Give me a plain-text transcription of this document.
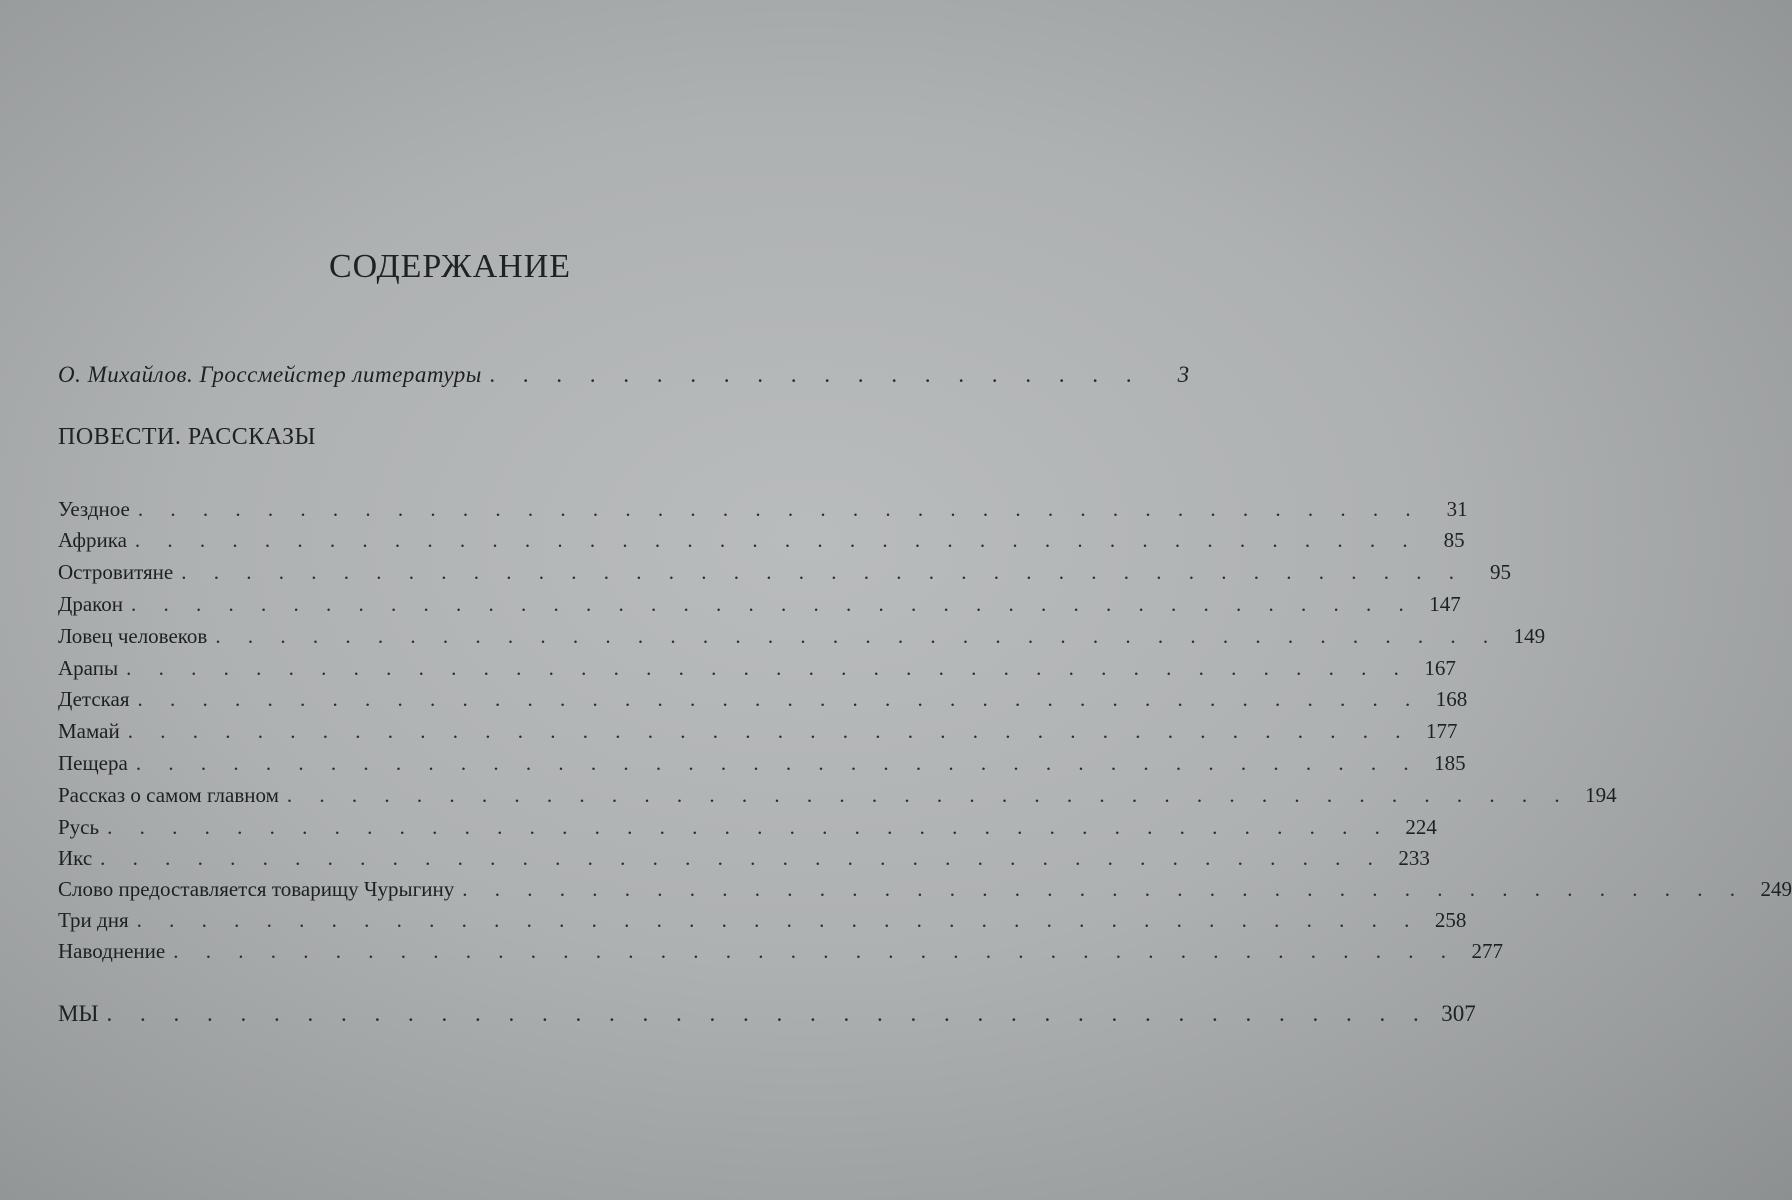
СОДЕРЖАНИЕ
О. Михайлов. Гроссмейстер литературы . . . . . . . . . . . . . . . . . . . .	3
ПОВЕСТИ. РАССКАЗЫ
Уездное . . . . . . . . . . . . . . . . . . . . . . . . . . . . . . . . . . . . . . . .	31
Африка . . . . . . . . . . . . . . . . . . . . . . . . . . . . . . . . . . . . . . . .	85
Островитяне . . . . . . . . . . . . . . . . . . . . . . . . . . . . . . . . . . . . . . . .	95
Дракон . . . . . . . . . . . . . . . . . . . . . . . . . . . . . . . . . . . . . . . . 147
Ловец человеков . . . . . . . . . . . . . . . . . . . . . . . . . . . . . . . . . . . . . . . . 149
Арапы . . . . . . . . . . . . . . . . . . . . . . . . . . . . . . . . . . . . . . . . 167
Детская . . . . . . . . . . . . . . . . . . . . . . . . . . . . . . . . . . . . . . . . 168
Мамай . . . . . . . . . . . . . . . . . . . . . . . . . . . . . . . . . . . . . . . . 177
Пещера . . . . . . . . . . . . . . . . . . . . . . . . . . . . . . . . . . . . . . . . 185
Рассказ о самом главном . . . . . . . . . . . . . . . . . . . . . . . . . . . . . . . . . . . . . . . . 194
Русь . . . . . . . . . . . . . . . . . . . . . . . . . . . . . . . . . . . . . . . . 224
Икс . . . . . . . . . . . . . . . . . . . . . . . . . . . . . . . . . . . . . . . . 233
Слово предоставляется товарищу Чурыгину . . . . . . . . . . . . . . . . . . . . . . . . . . . . . . . . . . . . . . . . 249
Три дня . . . . . . . . . . . . . . . . . . . . . . . . . . . . . . . . . . . . . . . . 258
Наводнение . . . . . . . . . . . . . . . . . . . . . . . . . . . . . . . . . . . . . . . . 277
МЫ . . . . . . . . . . . . . . . . . . . . . . . . . . . . . . . . . . . . . . . . 307
